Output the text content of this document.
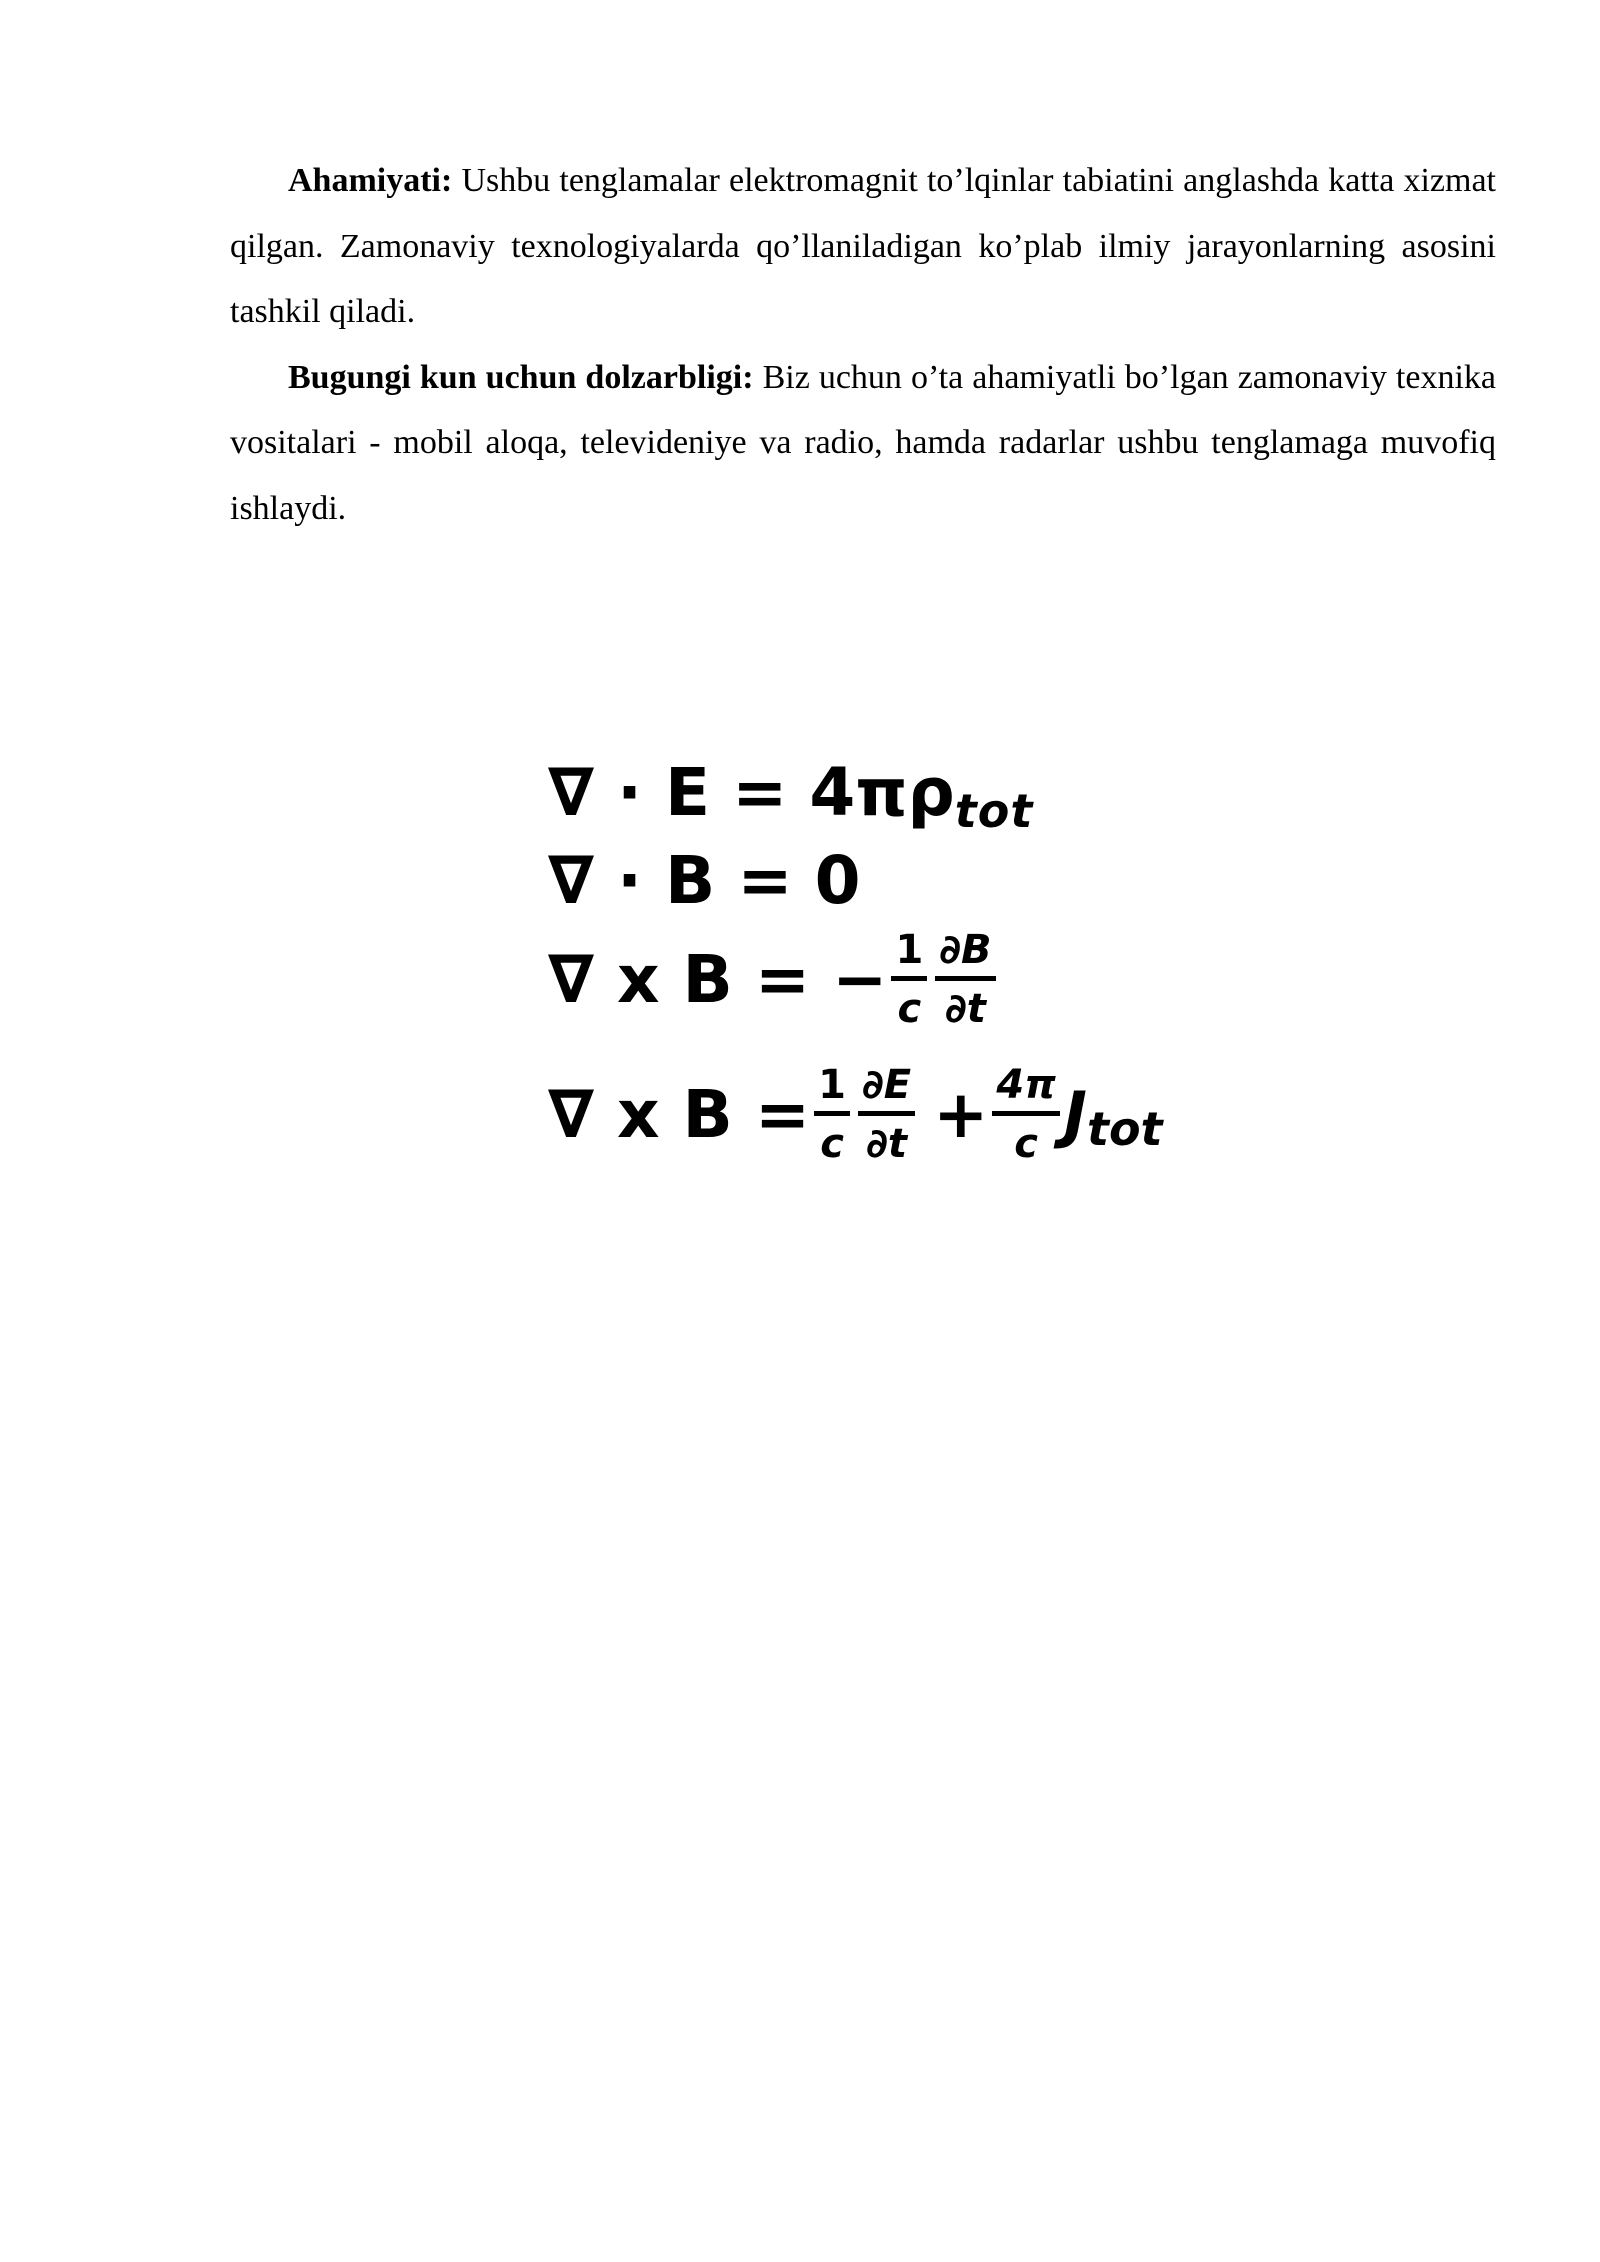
Ahamiyati: Ushbu tenglamalar elektromagnit to’lqinlar tabiatini anglashda katta xizmat qilgan. Zamonaviy texnologiyalarda qo’llaniladigan ko’plab ilmiy jarayonlarning asosini tashkil qiladi.

Bugungi kun uchun dolzarbligi: Biz uchun o’ta ahamiyatli bo’lgan zamonaviy texnika vositalari - mobil aloqa, televideniye va radio, hamda radarlar ushbu tenglamaga muvofiq ishlaydi.

∇ · E = 4πρ tot
∇ · B = 0
∇ x B = − $\frac{1}{c} \frac{\partial B}{\partial t}$
∇ x $B = \frac{1}{c} \frac{\partial E}{\partial t} + \frac{4\pi}{c}$ J tot
